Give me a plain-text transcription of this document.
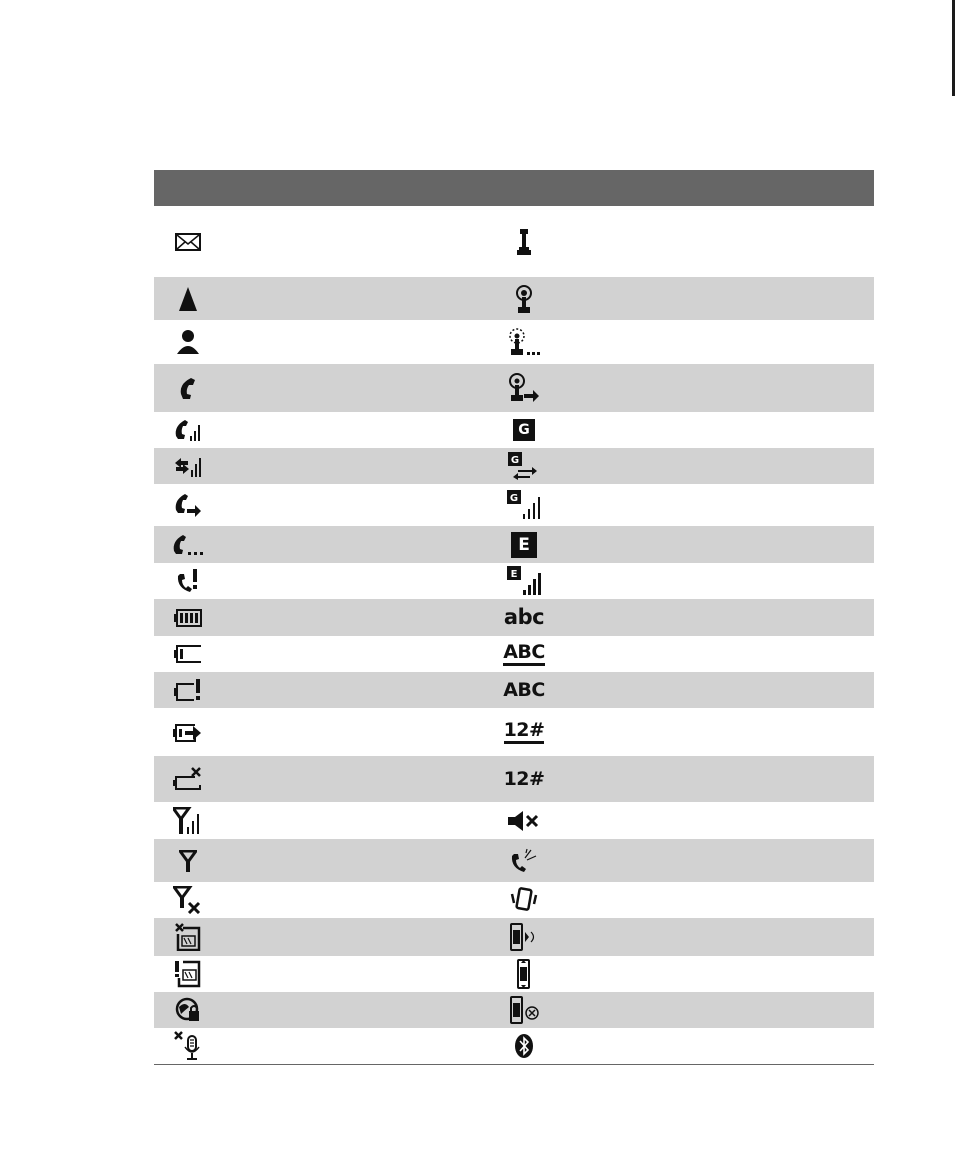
G
G
G
E
E
abc
ABC
ABC
12#
12#
